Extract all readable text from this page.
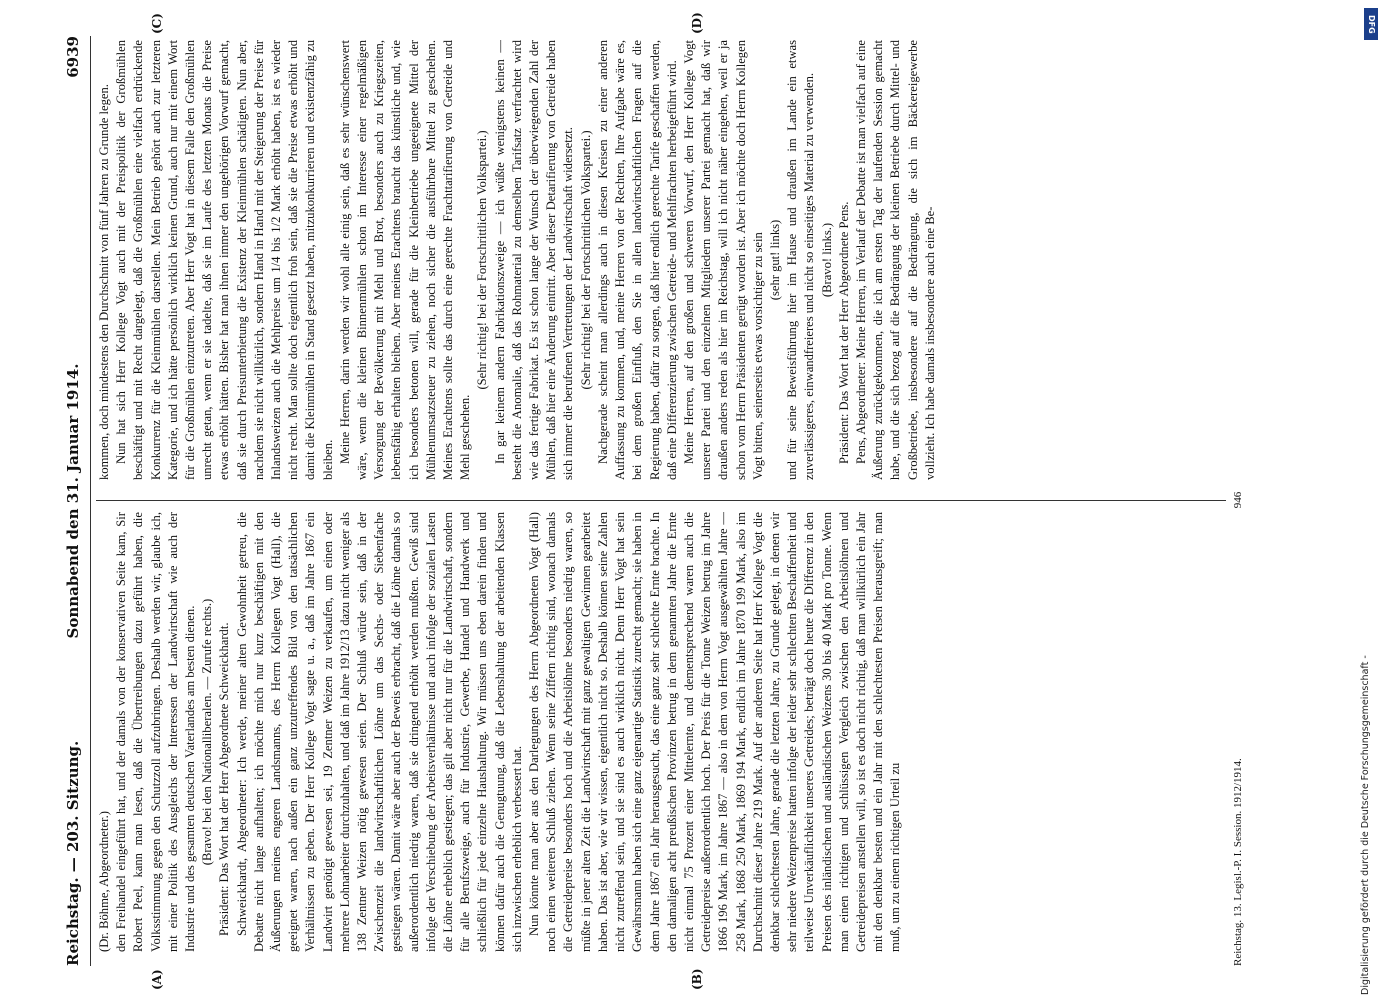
Reichstag. — 203. Sitzung.
Sonnabend den 31. Januar 1914.
6939
(A)	(B)
(C)	(D)

(Dr. Böhme, Abgeordneter.) den Freihandel eingeführt hat, und der damals von der konservativen Seite kam, Sir Robert Peel, kann man lesen, daß die Übertreibungen dazu geführt haben, die Volksstimmung gegen den Schutzzoll aufzubringen. Deshalb werden wir, glaube ich, mit einer Politik des Ausgleichs der Interessen der Landwirtschaft wie auch der Industrie und des gesamten deutschen Vaterlandes am besten dienen. (Bravo! bei den Nationalliberalen. — Zurufe rechts.) Präsident: Das Wort hat der Herr Abgeordnete Schweickhardt. Schweickhardt, Abgeordneter: Ich werde, meiner alten Gewohnheit getreu, die Debatte nicht lange aufhalten; ich möchte mich nur kurz beschäftigen mit den Äußerungen meines engeren Landsmanns, des Herrn Kollegen Vogt (Hall), die geeignet waren, nach außen ein ganz unzutreffendes Bild von den tatsächlichen Verhältnissen zu geben. Der Herr Kollege Vogt sagte u. a., daß im Jahre 1867 ein Landwirt genötigt gewesen sei, 19 Zentner Weizen zu verkaufen, um einen oder mehrere Lohnarbeiter durchzuhalten, und daß im Jahre 1912/13 dazu nicht weniger als 138 Zentner Weizen nötig gewesen seien. Der Schluß würde sein, daß in der Zwischenzeit die landwirtschaftlichen Löhne um das Sechs- oder Siebenfache gestiegen wären. Damit wäre aber auch der Beweis erbracht, daß die Löhne damals so außerordentlich niedrig waren, daß sie dringend erhöht werden mußten. Gewiß sind infolge der Verschiebung der Arbeitsverhältnisse und auch infolge der sozialen Lasten die Löhne erheblich gestiegen; das gilt aber nicht nur für die Landwirtschaft, sondern für alle Berufszweige, auch für Industrie, Gewerbe, Handel und Handwerk und schließlich für jede einzelne Haushaltung. Wir müssen uns eben darein finden und können dafür auch die Genugtuung, daß die Lebenshaltung der arbeitenden Klassen sich inzwischen erheblich verbessert hat. Nun könnte man aber aus den Darlegungen des Herrn Abgeordneten Vogt (Hall) noch einen weiteren Schluß ziehen. Wenn seine Ziffern richtig sind, wonach damals die Getreidepreise besonders hoch und die Arbeitslöhne besonders niedrig waren, so müßte in jener alten Zeit die Landwirtschaft mit ganz gewaltigen Gewinnen gearbeitet haben. Das ist aber, wie wir wissen, eigentlich nicht so. Deshalb können seine Zahlen nicht zutreffend sein, und sie sind es auch wirklich nicht. Denn Herr Vogt hat sein Gewährsmann haben sich eine ganz eigenartige Statistik zurecht gemacht; sie haben in dem Jahre 1867 ein Jahr herausgesucht, das eine ganz sehr schlechte Ernte brachte. In den damaligen acht preußischen Provinzen betrug in dem genannten Jahre die Ernte nicht einmal 75 Prozent einer Mittelernte, und dementsprechend waren auch die Getreidepreise außerordentlich hoch. Der Preis für die Tonne Weizen betrug im Jahre 1866 196 Mark, im Jahre 1867 — also in dem von Herrn Vogt ausgewählten Jahre — 258 Mark, 1868 250 Mark, 1869 194 Mark, endlich im Jahre 1870 199 Mark, also im Durchschnitt dieser Jahre 219 Mark. Auf der anderen Seite hat Herr Kollege Vogt die denkbar schlechtesten Jahre, gerade die letzten Jahre, zu Grunde gelegt, in denen wir sehr niedere Weizenpreise hatten infolge der leider sehr schlechten Beschaffenheit und teilweise Unverkäuflichkeit unseres Getreides; beträgt doch heute die Differenz in den Preisen des inländischen und ausländischen Weizens 30 bis 40 Mark pro Tonne. Wenn man einen richtigen und schlüssigen Vergleich zwischen den Arbeitslöhnen und Getreidepreisen anstellen will, so ist es doch nicht richtig, daß man willkürlich ein Jahr mit den denkbar besten und ein Jahr mit den schlechtesten Preisen herausgreift; man muß, um zu einem richtigen Urteil zu

kommen, doch mindestens den Durchschnitt von fünf Jahren zu Grunde legen. Nun hat sich Herr Kollege Vogt auch mit der Preispolitik der Großmühlen beschäftigt und mit Recht dargelegt, daß die Großmühlen eine vielfach erdrückende Konkurrenz für die Kleinmühlen darstellen. Mein Betrieb gehört auch zur letzteren Kategorie, und ich hätte persönlich wirklich keinen Grund, auch nur mit einem Wort für die Großmühlen einzutreten. Aber Herr Vogt hat in diesem Falle den Großmühlen unrecht getan, wenn er sie tadelte, daß sie im Laufe des letzten Monats die Preise etwas erhöht hätten. Bisher hat man ihnen immer den ungehörigen Vorwurf gemacht, daß sie durch Preisunterbietung die Existenz der Kleinmühlen schädigten. Nun aber, nachdem sie nicht willkürlich, sondern Hand in Hand mit der Steigerung der Preise für Inlandsweizen auch die Mehlpreise um 1/4 bis 1/2 Mark erhöht haben, ist es wieder nicht recht. Man sollte doch eigentlich froh sein, daß sie die Preise etwas erhöht und damit die Kleinmühlen in Stand gesetzt haben, mitzukonkurrieren und existenzfähig zu bleiben. Meine Herren, darin werden wir wohl alle einig sein, daß es sehr wünschenswert wäre, wenn die kleinen Binnenmühlen schon im Interesse einer regelmäßigen Versorgung der Bevölkerung mit Mehl und Brot, besonders auch zu Kriegszeiten, lebensfähig erhalten bleiben. Aber meines Erachtens braucht das künstliche und, wie ich besonders betonen will, gerade für die Kleinbetriebe ungeeignete Mittel der Mühlenumsatzsteuer zu ziehen, noch sicher die ausführbare Mittel zu geschehen. Meines Erachtens sollte das durch eine gerechte Frachttarifierung von Getreide und Mehl geschehen.

(Sehr richtig! bei der Fortschrittlichen Volkspartei.) In gar keinem andern Fabrikationszweige — ich wüßte wenigstens keinen — besteht die Anomalie, daß das Rohmaterial zu demselben Tarifsatz verfrachtet wird wie das fertige Fabrikat. Es ist schon lange der Wunsch der überwiegenden Zahl der Mühlen, daß hier eine Änderung eintritt. Aber dieser Detarifierung von Getreide haben sich immer die berufenen Vertretungen der Landwirtschaft widersetzt. (Sehr richtig! bei der Fortschrittlichen Volkspartei.) Nachgerade scheint man allerdings auch in diesen Kreisen zu einer anderen Auffassung zu kommen, und, meine Herren von der Rechten, Ihre Aufgabe wäre es, bei dem großen Einfluß, den Sie in allen landwirtschaftlichen Fragen auf die Regierung haben, dafür zu sorgen, daß hier endlich gerechte Tarife geschaffen werden, daß eine Differenzierung zwischen Getreide- und Mehlfrachten herbeigeführt wird. Meine Herren, auf den großen und schweren Vorwurf, den Herr Kollege Vogt unserer Partei und den einzelnen Mitgliedern unserer Partei gemacht hat, daß wir draußen anders reden als hier im Reichstag, will ich nicht näher eingehen, weil er ja schon vom Herrn Präsidenten gerügt worden ist. Aber ich möchte doch Herrn Kollegen Vogt bitten, seinerseits etwas vorsichtiger zu sein (sehr gut! links) und für seine Beweisführung hier im Hause und draußen im Lande ein etwas zuverlässigeres, einwandfreieres und nicht so einseitiges Material zu verwenden. (Bravo! links.) Präsident: Das Wort hat der Herr Abgeordnete Pens. Pens, Abgeordneter: Meine Herren, im Verlauf der Debatte ist man vielfach auf eine Äußerung zurückgekommen, die ich am ersten Tag der laufenden Session gemacht habe, und die sich bezog auf die Bedrängung der kleinen Betriebe durch Mittel- und Großbetriebe, insbesondere auf die Bedrängung, die sich im Bäckereigewerbe vollzieht. Ich habe damals insbesondere auch eine Be-

Reichstag. 13. Legisl.-P. I. Session. 1912/1914.
946
Digitalisierung gefördert durch die Deutsche Forschungsgemeinschaft -
DFG
